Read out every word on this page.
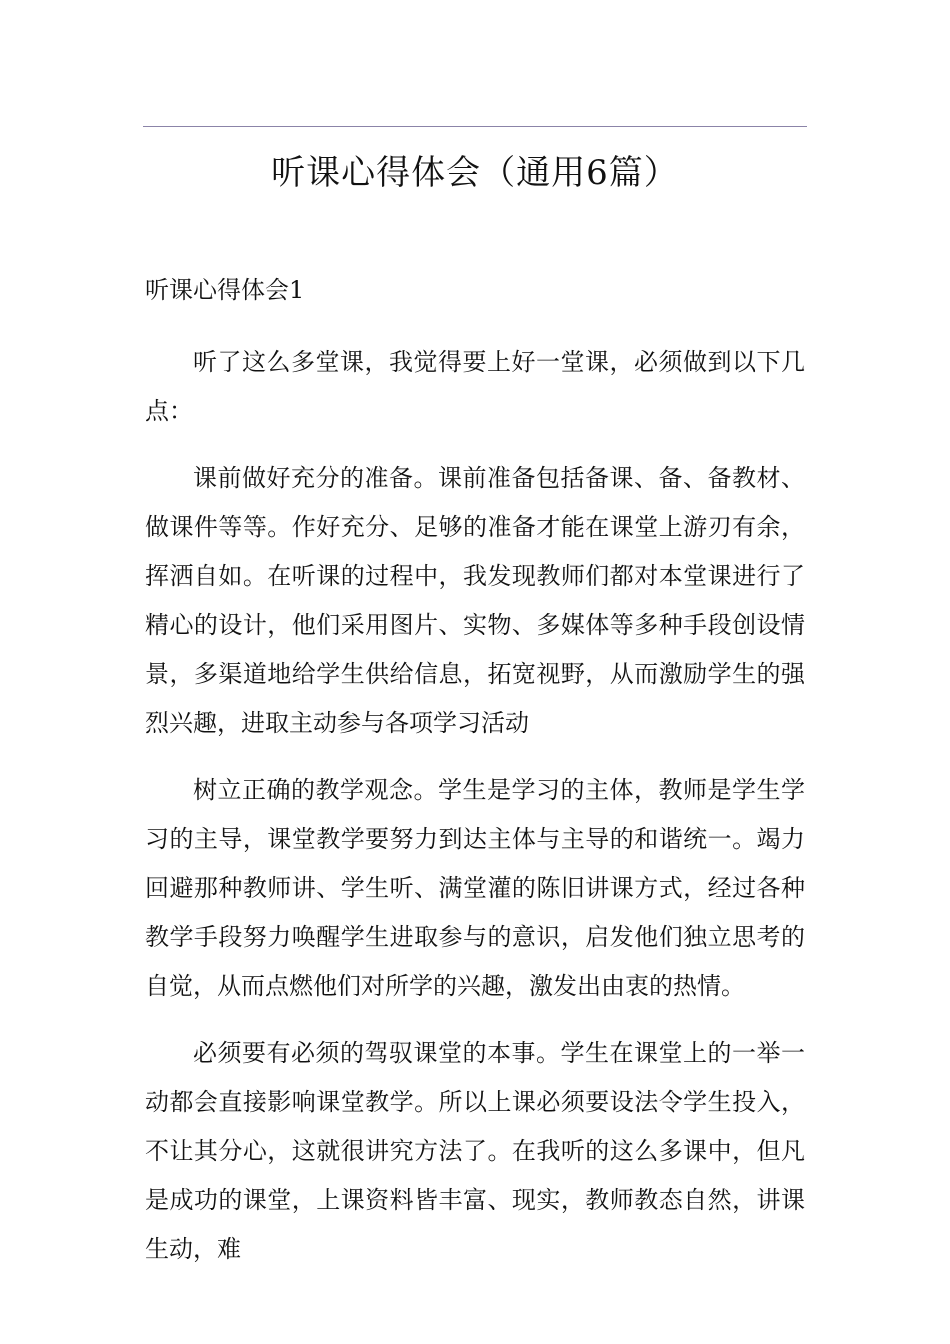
听课心得体会（通用6篇）
听课心得体会1

听了这么多堂课，我觉得要上好一堂课，必须做到以下几点：

课前做好充分的准备。课前准备包括备课、备、备教材、做课件等等。作好充分、足够的准备才能在课堂上游刃有余，挥洒自如。在听课的过程中，我发现教师们都对本堂课进行了精心的设计，他们采用图片、实物、多媒体等多种手段创设情景，多渠道地给学生供给信息，拓宽视野，从而激励学生的强烈兴趣，进取主动参与各项学习活动

树立正确的教学观念。学生是学习的主体，教师是学生学习的主导，课堂教学要努力到达主体与主导的和谐统一。竭力回避那种教师讲、学生听、满堂灌的陈旧讲课方式，经过各种教学手段努力唤醒学生进取参与的意识，启发他们独立思考的自觉，从而点燃他们对所学的兴趣，激发出由衷的热情。

必须要有必须的驾驭课堂的本事。学生在课堂上的一举一动都会直接影响课堂教学。所以上课必须要设法令学生投入，不让其分心，这就很讲究方法了。在我听的这么多课中，但凡是成功的课堂，上课资料皆丰富、现实，教师教态自然，讲课生动，难
